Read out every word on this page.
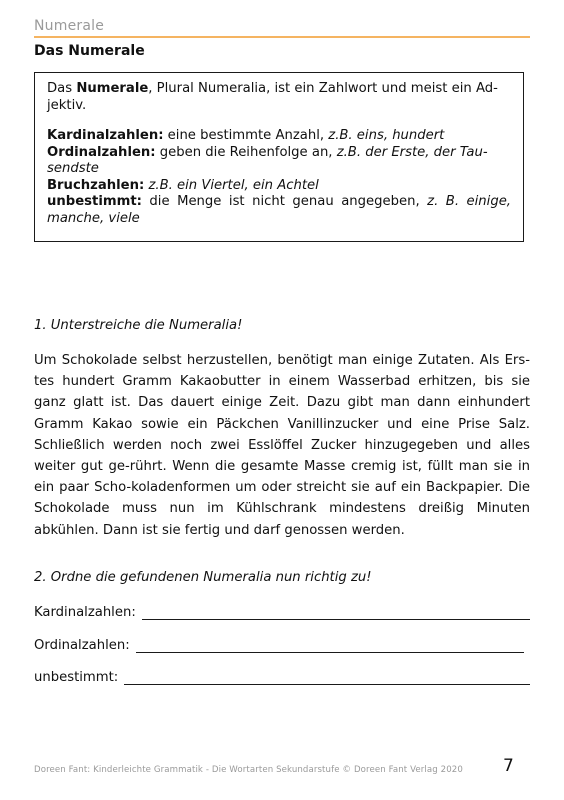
Numerale
Das Numerale

Das Numerale, Plural Numeralia, ist ein Zahlwort und meist ein Ad-jektiv.

Kardinalzahlen: eine bestimmte Anzahl, z.B. eins, hundert

Ordinalzahlen: geben die Reihenfolge an, z.B. der Erste, der Tau-sendste

Bruchzahlen: z.B. ein Viertel, ein Achtel

unbestimmt: die Menge ist nicht genau angegeben, z. B. einige, manche, viele

1. Unterstreiche die Numeralia!

Um Schokolade selbst herzustellen, benötigt man einige Zutaten. Als Ers-tes hundert Gramm Kakaobutter in einem Wasserbad erhitzen, bis sie ganz glatt ist. Das dauert einige Zeit. Dazu gibt man dann einhundert Gramm Kakao sowie ein Päckchen Vanillinzucker und eine Prise Salz. Schließlich werden noch zwei Esslöffel Zucker hinzugegeben und alles weiter gut ge-rührt. Wenn die gesamte Masse cremig ist, füllt man sie in ein paar Scho-koladenformen um oder streicht sie auf ein Backpapier. Die Schokolade muss nun im Kühlschrank mindestens dreißig Minuten abkühlen. Dann ist sie fertig und darf genossen werden.

2. Ordne die gefundenen Numeralia nun richtig zu!
Kardinalzahlen:
Ordinalzahlen:
unbestimmt:
Doreen Fant: Kinderleichte Grammatik - Die Wortarten Sekundarstufe © Doreen Fant Verlag 2020 7
